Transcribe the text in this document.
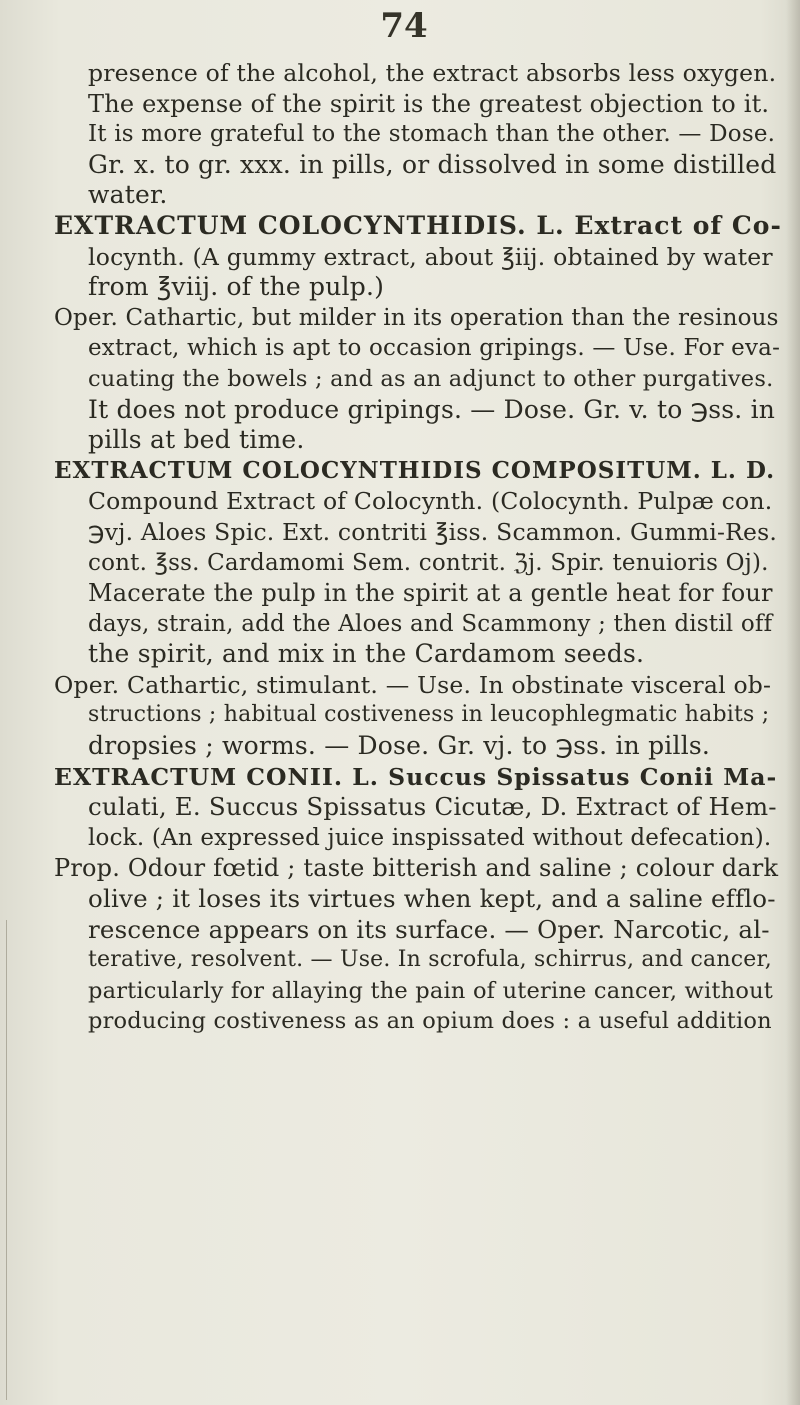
74
presence of the alcohol, the extract absorbs less oxygen.
The expense of the spirit is the greatest objection to it.
It is more grateful to the stomach than the other. — Dose.
Gr. x. to gr. xxx. in pills, or dissolved in some distilled
water.
EXTRACTUM COLOCYNTHIDIS. L. Extract of Co-
locynth. (A gummy extract, about ℥iij. obtained by water
from ℥viij. of the pulp.)
Oper. Cathartic, but milder in its operation than the resinous
extract, which is apt to occasion gripings. — Use. For eva-
cuating the bowels ; and as an adjunct to other purgatives.
It does not produce gripings. — Dose. Gr. v. to ℈ss. in
pills at bed time.
EXTRACTUM COLOCYNTHIDIS COMPOSITUM. L. D.
Compound Extract of Colocynth. (Colocynth. Pulpæ con.
℈vj. Aloes Spic. Ext. contriti ℥iss. Scammon. Gummi-Res.
cont. ℥ss. Cardamomi Sem. contrit. ℨj. Spir. tenuioris Oj).
Macerate the pulp in the spirit at a gentle heat for four
days, strain, add the Aloes and Scammony ; then distil off
the spirit, and mix in the Cardamom seeds.
Oper. Cathartic, stimulant. — Use. In obstinate visceral ob-
structions ; habitual costiveness in leucophlegmatic habits ;
dropsies ; worms. — Dose. Gr. vj. to ℈ss. in pills.
EXTRACTUM CONII. L. Succus Spissatus Conii Ma-
culati, E. Succus Spissatus Cicutæ, D. Extract of Hem-
lock. (An expressed juice inspissated without defecation).
Prop. Odour fœtid ; taste bitterish and saline ; colour dark
olive ; it loses its virtues when kept, and a saline efflo-
rescence appears on its surface. — Oper. Narcotic, al-
terative, resolvent. — Use. In scrofula, schirrus, and cancer,
particularly for allaying the pain of uterine cancer, without
producing costiveness as an opium does : a useful addition
